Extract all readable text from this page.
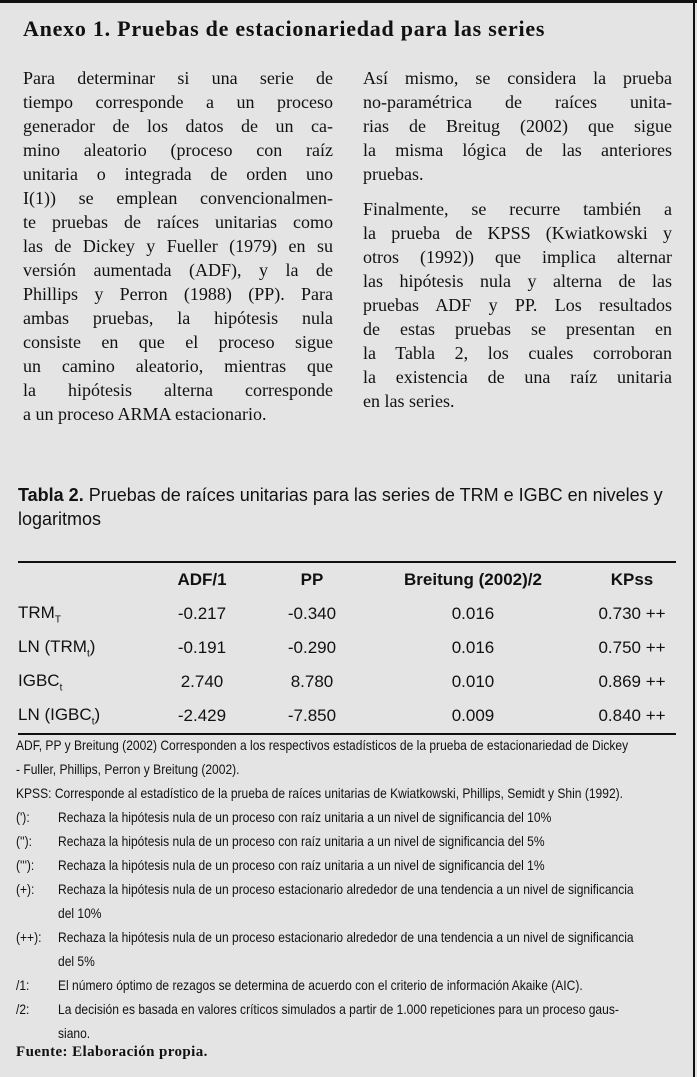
Anexo 1. Pruebas de estacionariedad para las series
Para determinar si una serie de
tiempo corresponde a un proceso
generador de los datos de un ca-
mino aleatorio (proceso con raíz
unitaria o integrada de orden uno
I(1)) se emplean convencionalmen-
te pruebas de raíces unitarias como
las de Dickey y Fueller (1979) en su
versión aumentada (ADF), y la de
Phillips y Perron (1988) (PP). Para
ambas pruebas, la hipótesis nula
consiste en que el proceso sigue
un camino aleatorio, mientras que
la hipótesis alterna corresponde
a un proceso ARMA estacionario.
Así mismo, se considera la prueba
no-paramétrica de raíces unita-
rias de Breitug (2002) que sigue
la misma lógica de las anteriores
pruebas.
Finalmente, se recurre también a
la prueba de KPSS (Kwiatkowski y
otros (1992)) que implica alternar
las hipótesis nula y alterna de las
pruebas ADF y PP. Los resultados
de estas pruebas se presentan en
la Tabla 2, los cuales corroboran
la existencia de una raíz unitaria
en las series.
Tabla 2. Pruebas de raíces unitarias para las series de TRM e IGBC en niveles y logaritmos
	ADF/1	PP	Breitung (2002)/2	KPss
$TRM_T$	-0.217	-0.340	0.016	0.730 ++
LN $(TRM_t)$	-0.191	-0.290	0.016	0.750 ++
$IGBC_t$	2.740	8.780	0.010	0.869 ++
LN $(IGBC_t)$	-2.429	-7.850	0.009	0.840 ++
ADF, PP y Breitung (2002) Corresponden a los respectivos estadísticos de la prueba de estacionariedad de Dickey
- Fuller, Phillips, Perron y Breitung (2002).
KPSS: Corresponde al estadístico de la prueba de raíces unitarias de Kwiatkowski, Phillips, Semidt y Shin (1992).
('): Rechaza la hipótesis nula de un proceso con raíz unitaria a un nivel de significancia del 10%
(''): Rechaza la hipótesis nula de un proceso con raíz unitaria a un nivel de significancia del 5%
('''): Rechaza la hipótesis nula de un proceso con raíz unitaria a un nivel de significancia del 1%
(+): Rechaza la hipótesis nula de un proceso estacionario alrededor de una tendencia a un nivel de significancia
del 10%
(++): Rechaza la hipótesis nula de un proceso estacionario alrededor de una tendencia a un nivel de significancia
del 5%
/1: El número óptimo de rezagos se determina de acuerdo con el criterio de información Akaike (AIC).
/2: La decisión es basada en valores críticos simulados a partir de 1.000 repeticiones para un proceso gaus-
siano.
Fuente: Elaboración propia.
